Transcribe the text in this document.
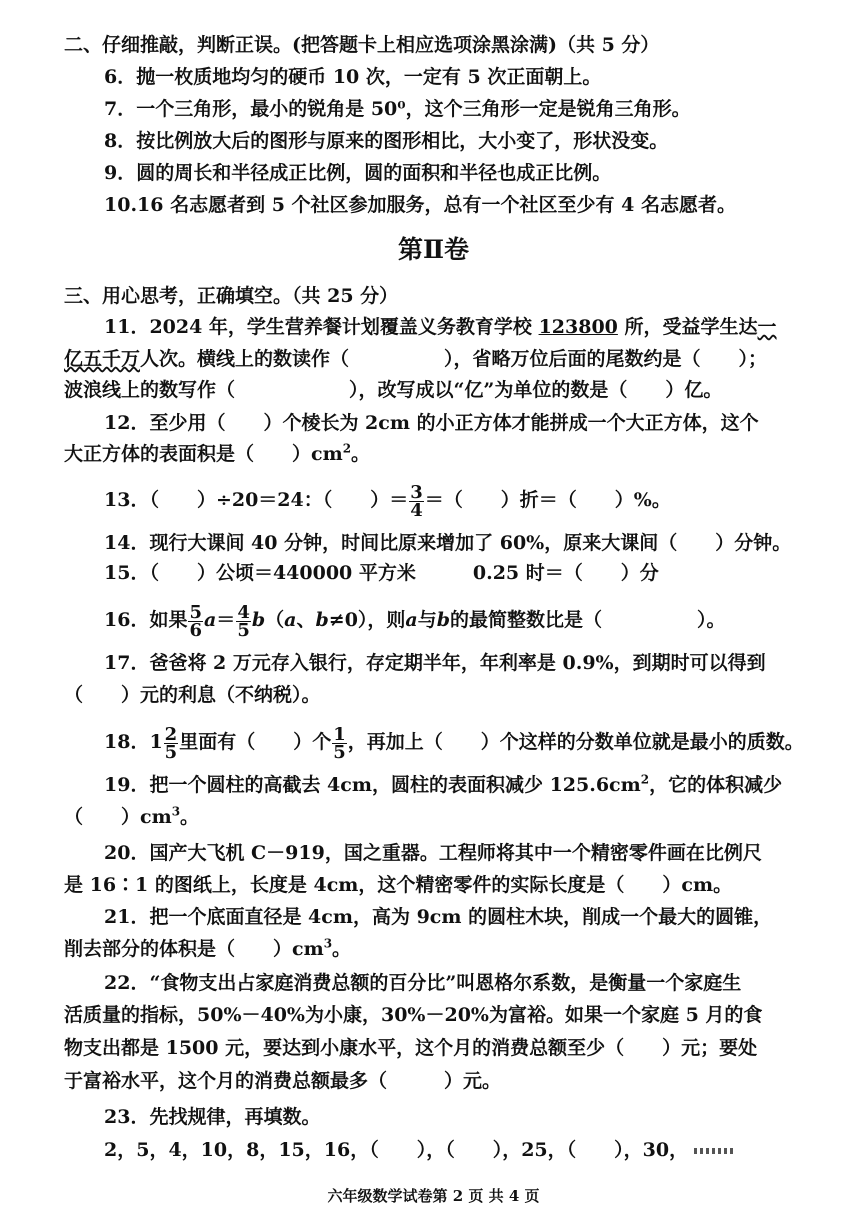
二、仔细推敲，判断正误。(把答题卡上相应选项涂黑涂满)（共 5 分）
6．抛一枚质地均匀的硬币 10 次，一定有 5 次正面朝上。
7．一个三角形，最小的锐角是 50⁰，这个三角形一定是锐角三角形。
8．按比例放大后的图形与原来的图形相比，大小变了，形状没变。
9．圆的周长和半径成正比例，圆的面积和半径也成正比例。
10.16 名志愿者到 5 个社区参加服务，总有一个社区至少有 4 名志愿者。
第Ⅱ卷
三、用心思考，正确填空。（共 25 分）
11．2024 年，学生营养餐计划覆盖义务教育学校 123800 所，受益学生达一
亿五千万人次。横线上的数读作（　　　　　），省略万位后面的尾数约是（　　）；
波浪线上的数写作（　　　　　　），改写成以“亿”为单位的数是（　　）亿。
12．至少用（　　）个棱长为 2cm 的小正方体才能拼成一个大正方体，这个
大正方体的表面积是（　　）$cm^2$。
13．（　　）÷20＝24：（　　）＝ $\frac{3}{4}$ ＝（　　）折＝（　　）%。
14．现行大课间 40 分钟，时间比原来增加了 60%，原来大课间（　　）分钟。
15．（　　）公顷＝440000 平方米　　　0.25 时＝（　　）分
16．如果 $\frac{5}{6} a= \frac{4}{5} b(a$、b≠0），则a与b的最简整数比是（　　　　　）。
17．爸爸将 2 万元存入银行，存定期半年，年利率是 0.9%，到期时可以得到
（　　）元的利息（不纳税）。
18．$1 \frac{2}{5}$ 里面有（　　）个 $\frac{1}{5}$ ，再加上（　　）个这样的分数单位就是最小的质数。
19．把一个圆柱的高截去 4cm，圆柱的表面积减少 $125.6cm^2$，它的体积减少
（　　）$cm^3$。
20．国产大飞机 C－919，国之重器。工程师将其中一个精密零件画在比例尺
是 16∶1 的图纸上，长度是 4cm，这个精密零件的实际长度是（　　）cm。
21．把一个底面直径是 4cm，高为 9cm 的圆柱木块，削成一个最大的圆锥，
削去部分的体积是（　　）$cm^3$。
22．“食物支出占家庭消费总额的百分比”叫恩格尔系数，是衡量一个家庭生
活质量的指标，50%－40%为小康，30%－20%为富裕。如果一个家庭 5 月的食
物支出都是 1500 元，要达到小康水平，这个月的消费总额至少（　　）元；要处
于富裕水平，这个月的消费总额最多（　　　）元。
23．先找规律，再填数。
2，5，4，10，8，15，16，（　　），（　　），25，（　　），30，
六年级数学试卷第 2 页 共 4 页
